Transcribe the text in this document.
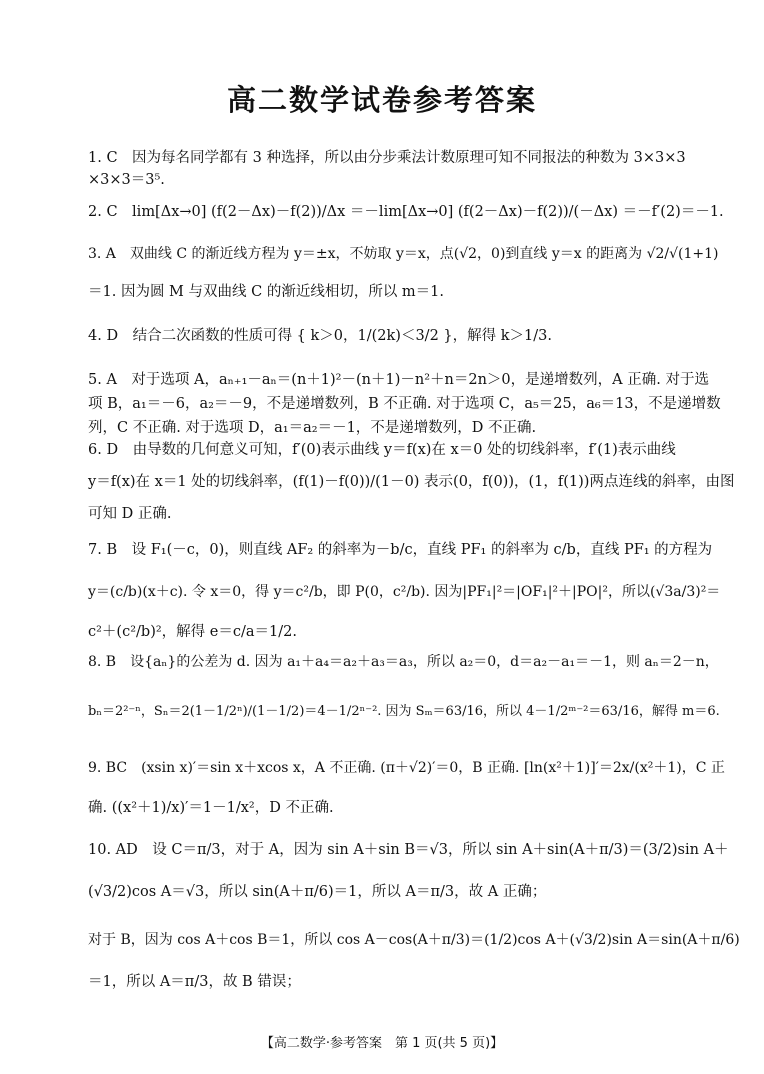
高二数学试卷参考答案
1. C　因为每名同学都有 3 种选择，所以由分步乘法计数原理可知不同报法的种数为 3×3×3
×3×3＝3⁵.
2. C　lim[Δx→0] (f(2－Δx)－f(2))/Δx ＝－lim[Δx→0] (f(2－Δx)－f(2))/(－Δx) ＝－f′(2)＝－1.
3. A　双曲线 C 的渐近线方程为 y＝±x，不妨取 y＝x，点(√2，0)到直线 y＝x 的距离为 √2/√(1+1)
＝1. 因为圆 M 与双曲线 C 的渐近线相切，所以 m＝1.
4. D　结合二次函数的性质可得 { k＞0，1/(2k)＜3/2 }，解得 k＞1/3.
5. A　对于选项 A，aₙ₊₁－aₙ＝(n＋1)²－(n＋1)－n²＋n＝2n＞0，是递增数列，A 正确. 对于选
项 B，a₁＝－6，a₂＝－9，不是递增数列，B 不正确. 对于选项 C，a₅＝25，a₆＝13，不是递增数
列，C 不正确. 对于选项 D，a₁＝a₂＝－1，不是递增数列，D 不正确.
6. D　由导数的几何意义可知，f′(0)表示曲线 y＝f(x)在 x＝0 处的切线斜率，f′(1)表示曲线
y＝f(x)在 x＝1 处的切线斜率，(f(1)－f(0))/(1－0) 表示(0，f(0))，(1，f(1))两点连线的斜率，由图
可知 D 正确.
7. B　设 F₁(－c，0)，则直线 AF₂ 的斜率为－b/c，直线 PF₁ 的斜率为 c/b，直线 PF₁ 的方程为
y＝(c/b)(x＋c). 令 x＝0，得 y＝c²/b，即 P(0，c²/b). 因为|PF₁|²＝|OF₁|²＋|PO|²，所以(√3a/3)²＝
c²＋(c²/b)²，解得 e＝c/a＝1/2.
8. B　设{aₙ}的公差为 d. 因为 a₁＋a₄＝a₂＋a₃＝a₃，所以 a₂＝0，d＝a₂－a₁＝－1，则 aₙ＝2－n，
bₙ＝2²⁻ⁿ，Sₙ＝2(1－1/2ⁿ)/(1－1/2)＝4－1/2ⁿ⁻². 因为 Sₘ＝63/16，所以 4－1/2ᵐ⁻²＝63/16，解得 m＝6.
9. BC　(xsin x)′＝sin x＋xcos x，A 不正确. (π＋√2)′＝0，B 正确. [ln(x²＋1)]′＝2x/(x²＋1)，C 正
确. ((x²＋1)/x)′＝1－1/x²，D 不正确.
10. AD　设 C＝π/3，对于 A，因为 sin A＋sin B＝√3，所以 sin A＋sin(A＋π/3)＝(3/2)sin A＋
(√3/2)cos A＝√3，所以 sin(A＋π/6)＝1，所以 A＝π/3，故 A 正确；
对于 B，因为 cos A＋cos B＝1，所以 cos A－cos(A＋π/3)＝(1/2)cos A＋(√3/2)sin A＝sin(A＋π/6)
＝1，所以 A＝π/3，故 B 错误；
【高二数学·参考答案　第 1 页(共 5 页)】
